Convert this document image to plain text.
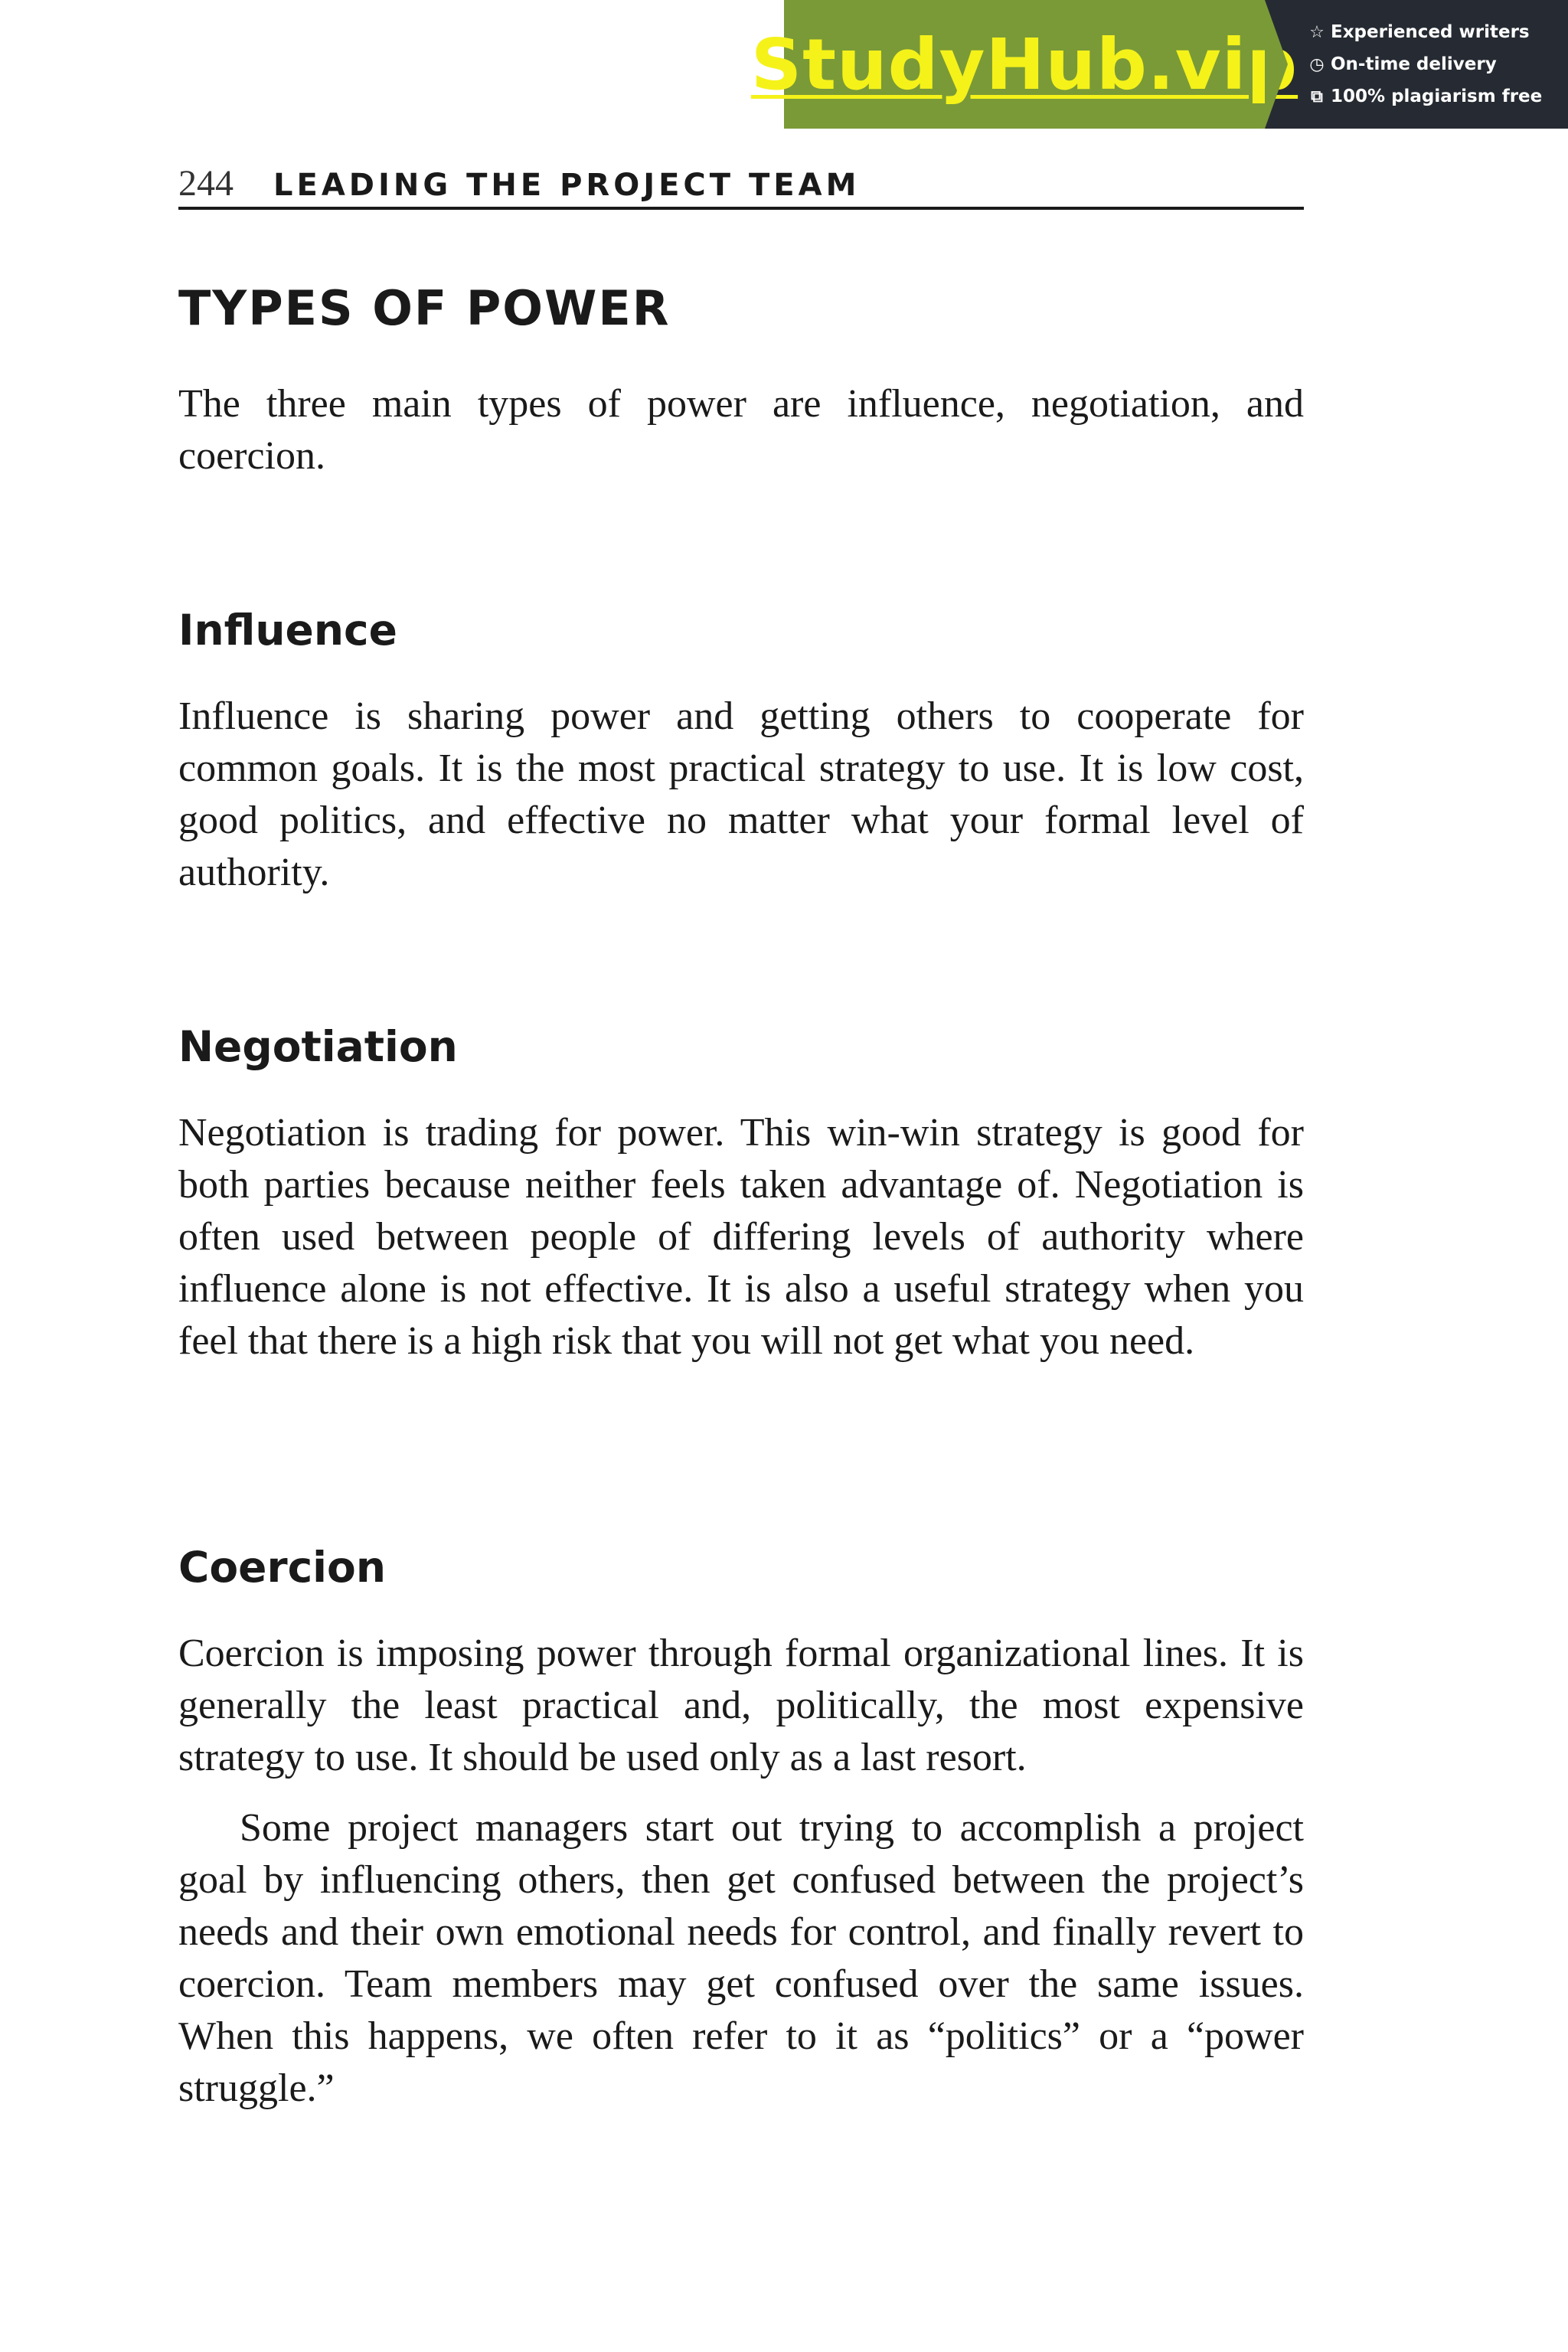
StudyHub.vip ☆ Experienced writers
◷ On-time delivery
⧉ 100% plagiarism free
244 LEADING THE PROJECT TEAM
TYPES OF POWER

The three main types of power are influence, negotiation, and coercion.

Influence

Influence is sharing power and getting others to cooperate for common goals. It is the most practical strategy to use. It is low cost, good politics, and effective no matter what your formal level of authority.

Negotiation

Negotiation is trading for power. This win-win strategy is good for both parties because neither feels taken advantage of. Negotiation is often used between people of differing levels of authority where influence alone is not effective. It is also a useful strategy when you feel that there is a high risk that you will not get what you need.

Coercion

Coercion is imposing power through formal organizational lines. It is generally the least practical and, politically, the most expensive strategy to use. It should be used only as a last resort.

Some project managers start out trying to accomplish a project goal by influencing others, then get confused between the project’s needs and their own emotional needs for control, and finally revert to coercion. Team members may get confused over the same issues. When this happens, we often refer to it as “politics” or a “power struggle.”
